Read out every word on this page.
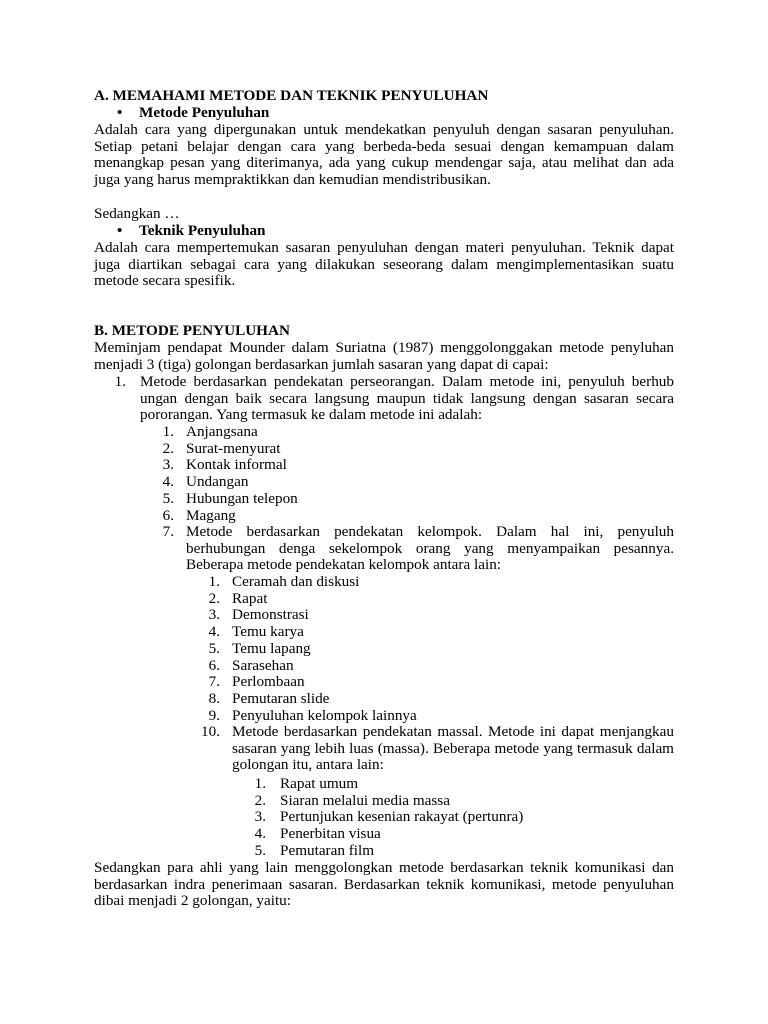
A. MEMAHAMI METODE DAN TEKNIK PENYULUHAN
• Metode Penyuluhan
Adalah cara yang dipergunakan untuk mendekatkan penyuluh dengan sasaran penyuluhan. Setiap petani belajar dengan cara yang berbeda-beda sesuai dengan kemampuan dalam menangkap pesan yang diterimanya, ada yang cukup mendengar saja, atau melihat dan ada juga yang harus mempraktikkan dan kemudian mendistribusikan.
Sedangkan …
• Teknik Penyuluhan
Adalah cara mempertemukan sasaran penyuluhan dengan materi penyuluhan. Teknik dapat juga diartikan sebagai cara yang dilakukan seseorang dalam mengimplementasikan suatu metode secara spesifik.
B. METODE PENYULUHAN
Meminjam pendapat Mounder dalam Suriatna (1987) menggolonggakan metode penyluhan menjadi 3 (tiga) golongan berdasarkan jumlah sasaran yang dapat di capai:
1. Metode berdasarkan pendekatan perseorangan. Dalam metode ini, penyuluh berhub ungan dengan baik secara langsung maupun tidak langsung dengan sasaran secara pororangan. Yang termasuk ke dalam metode ini adalah:
1. Anjangsana
2. Surat-menyurat
3. Kontak informal
4. Undangan
5. Hubungan telepon
6. Magang
7. Metode berdasarkan pendekatan kelompok. Dalam hal ini, penyuluh berhubungan denga sekelompok orang yang menyampaikan pesannya. Beberapa metode pendekatan kelompok antara lain:
1. Ceramah dan diskusi
2. Rapat
3. Demonstrasi
4. Temu karya
5. Temu lapang
6. Sarasehan
7. Perlombaan
8. Pemutaran slide
9. Penyuluhan kelompok lainnya
10. Metode berdasarkan pendekatan massal. Metode ini dapat menjangkau sasaran yang lebih luas (massa). Beberapa metode yang termasuk dalam golongan itu, antara lain:
1. Rapat umum
2. Siaran melalui media massa
3. Pertunjukan kesenian rakayat (pertunra)
4. Penerbitan visua
5. Pemutaran film
Sedangkan para ahli yang lain menggolongkan metode berdasarkan teknik komunikasi dan berdasarkan indra penerimaan sasaran. Berdasarkan teknik komunikasi, metode penyuluhan dibai menjadi 2 golongan, yaitu:
